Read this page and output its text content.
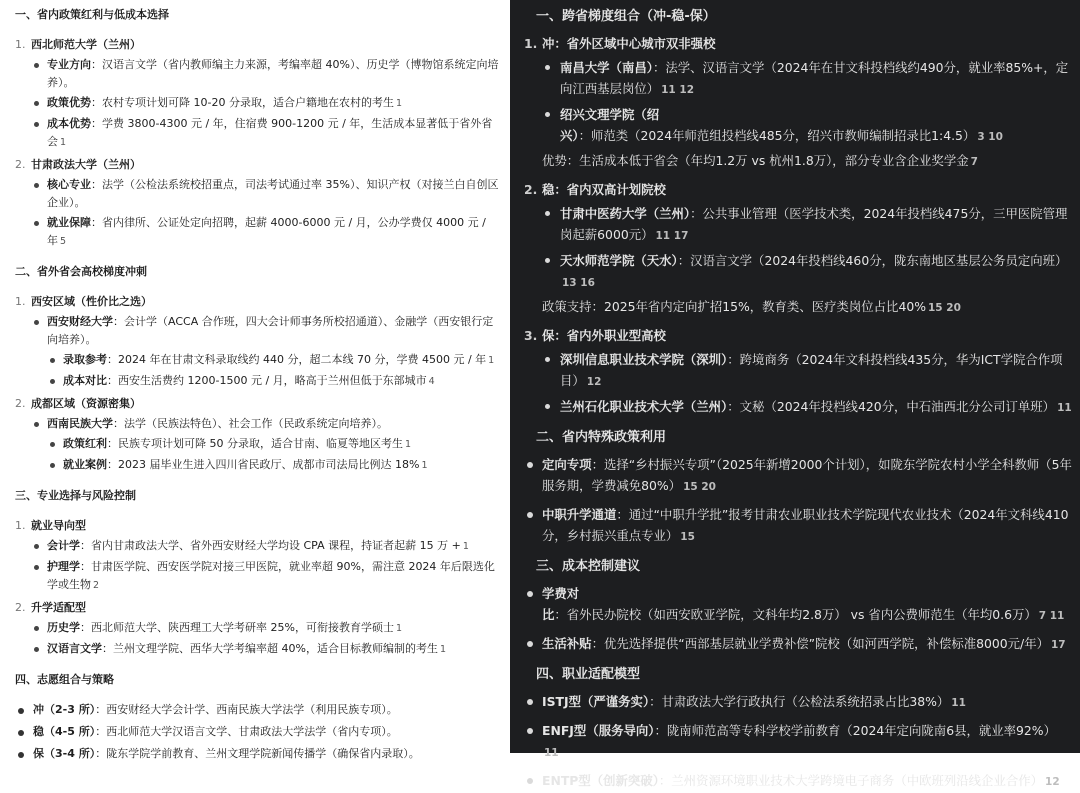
一、省内政策红利与低成本选择
1. 西北师范大学（兰州）
专业方向：汉语言文学（省内教师编主力来源，考编率超 40%）、历史学（博物馆系统定向培养）。
政策优势：农村专项计划可降 10-20 分录取，适合户籍地在农村的考生 1
成本优势：学费 3800-4300 元 / 年，住宿费 900-1200 元 / 年，生活成本显著低于省外省会 1
2. 甘肃政法大学（兰州）
核心专业：法学（公检法系统校招重点，司法考试通过率 35%）、知识产权（对接兰白自创区企业）。
就业保障：省内律所、公证处定向招聘，起薪 4000-6000 元 / 月，公办学费仅 4000 元 / 年 5
二、省外省会高校梯度冲刺
1. 西安区域（性价比之选）
西安财经大学：会计学（ACCA 合作班，四大会计师事务所校招通道）、金融学（西安银行定向培养）。
录取参考：2024 年在甘肃文科录取线约 440 分，超二本线 70 分，学费 4500 元 / 年 1
成本对比：西安生活费约 1200-1500 元 / 月，略高于兰州但低于东部城市 4
2. 成都区域（资源密集）
西南民族大学：法学（民族法特色）、社会工作（民政系统定向培养）。
政策红利：民族专项计划可降 50 分录取，适合甘南、临夏等地区考生 1
就业案例：2023 届毕业生进入四川省民政厅、成都市司法局比例达 18% 1
三、专业选择与风险控制
1. 就业导向型
会计学：省内甘肃政法大学、省外西安财经大学均设 CPA 课程，持证者起薪 15 万 + 1
护理学：甘肃医学院、西安医学院对接三甲医院，就业率超 90%，需注意 2024 年后限选化学或生物 2
2. 升学适配型
历史学：西北师范大学、陕西理工大学考研率 25%，可衔接教育学硕士 1
汉语言文学：兰州文理学院、西华大学考编率超 40%，适合目标教师编制的考生 1
四、志愿组合与策略
冲（2-3 所）：西安财经大学会计学、西南民族大学法学（利用民族专项）。
稳（4-5 所）：西北师范大学汉语言文学、甘肃政法大学法学（省内专项）。
保（3-4 所）：陇东学院学前教育、兰州文理学院新闻传播学（确保省内录取）。
一、跨省梯度组合（冲-稳-保）
1. 冲：省外区域中心城市双非强校
南昌大学（南昌）：法学、汉语言文学（2024年在甘文科投档线约490分，就业率85%+，定向江西基层岗位） 11 12
绍兴文理学院（绍兴）：师范类（2024年师范组投档线485分，绍兴市教师编制招录比1:4.5） 3 10
优势：生活成本低于省会（年均1.2万 vs 杭州1.8万），部分专业含企业奖学金 7
2. 稳：省内双高计划院校
甘肃中医药大学（兰州）：公共事业管理（医学技术类，2024年投档线475分，三甲医院管理岗起薪6000元） 11 17
天水师范学院（天水）：汉语言文学（2024年投档线460分，陇东南地区基层公务员定向班）13 16
政策支持：2025年省内定向扩招15%，教育类、医疗类岗位占比40% 15 20
3. 保：省内外职业型高校
深圳信息职业技术学院（深圳）：跨境商务（2024年文科投档线435分，华为ICT学院合作项目） 12
兰州石化职业技术大学（兰州）：文秘（2024年投档线420分，中石油西北分公司订单班） 11
二、省内特殊政策利用
定向专项：选择“乡村振兴专项”（2025年新增2000个计划），如陇东学院农村小学全科教师（5年服务期，学费减免80%） 15 20
中职升学通道：通过“中职升学批”报考甘肃农业职业技术学院现代农业技术（2024年文科线410分，乡村振兴重点专业） 15
三、成本控制建议
学费对比：省外民办院校（如西安欧亚学院，文科年均2.8万） vs 省内公费师范生（年均0.6万） 7 11
生活补贴：优先选择提供“西部基层就业学费补偿”院校（如河西学院，补偿标准8000元/年） 17
四、职业适配模型
ISTJ型（严谨务实）：甘肃政法大学行政执行（公检法系统招录占比38%） 11
ENFJ型（服务导向）：陇南师范高等专科学校学前教育（2024年定向陇南6县，就业率92%）11
ENTP型（创新突破）：兰州资源环境职业技术大学跨境电子商务（中欧班列沿线企业合作） 12
